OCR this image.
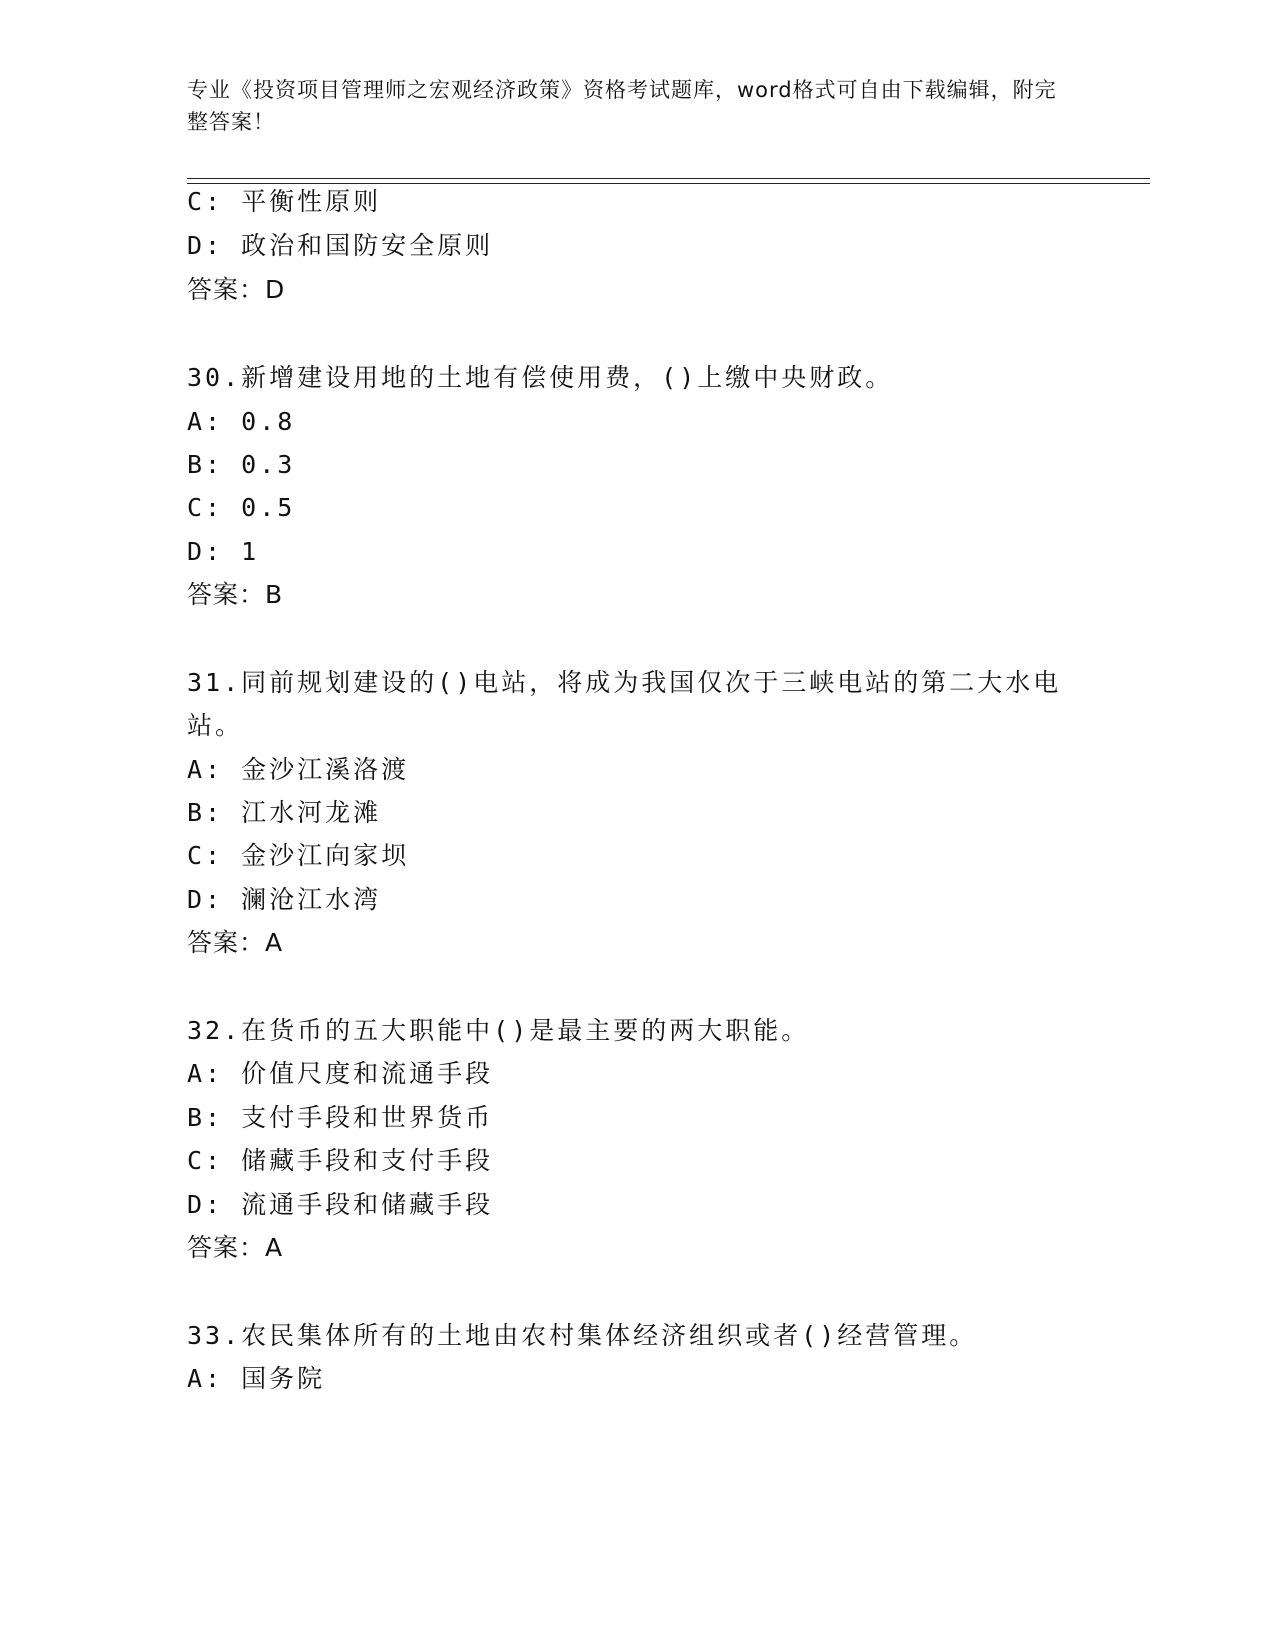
专业《投资项目管理师之宏观经济政策》资格考试题库，word格式可自由下载编辑，附完整答案！
C: 平衡性原则
D: 政治和国防安全原则
答案：D
30.新增建设用地的土地有偿使用费，()上缴中央财政。
A: 0.8
B: 0.3
C: 0.5
D: 1
答案：B
31.同前规划建设的()电站，将成为我国仅次于三峡电站的第二大水电
站。
A: 金沙江溪洛渡
B: 江水河龙滩
C: 金沙江向家坝
D: 澜沧江水湾
答案：A
32.在货币的五大职能中()是最主要的两大职能。
A: 价值尺度和流通手段
B: 支付手段和世界货币
C: 储藏手段和支付手段
D: 流通手段和储藏手段
答案：A
33.农民集体所有的土地由农村集体经济组织或者()经营管理。
A: 国务院
